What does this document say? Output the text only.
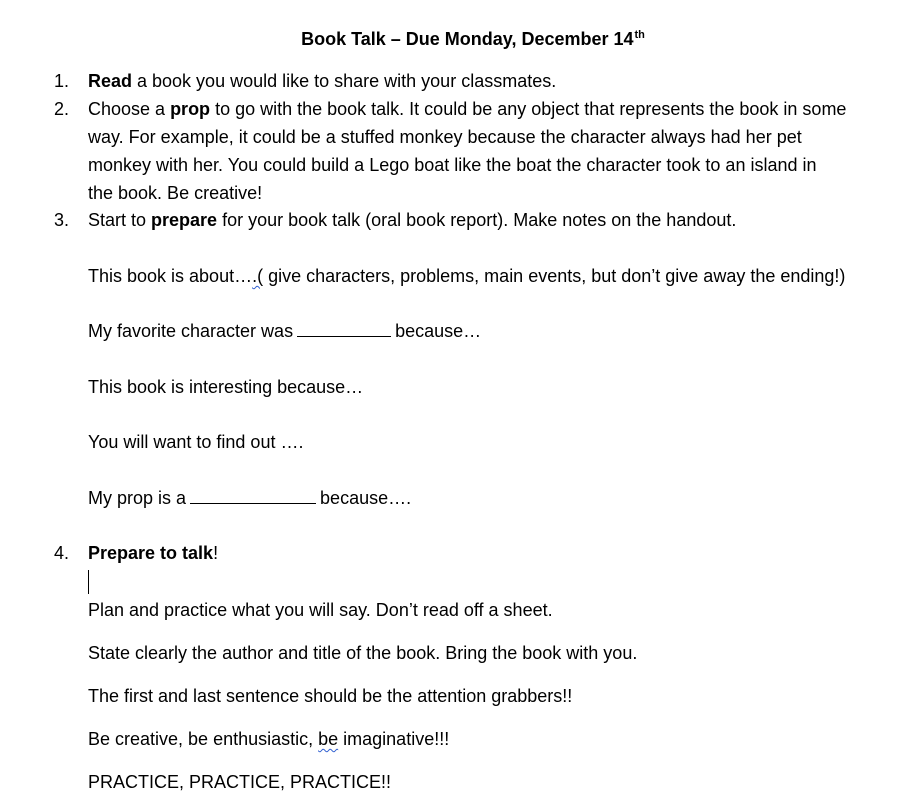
Book Talk – Due Monday, December 14th
1.	Read a book you would like to share with your classmates.
2.	Choose a prop to go with the book talk. It could be any object that represents the book in some
way. For example, it could be a stuffed monkey because the character always had her pet
monkey with her. You could build a Lego boat like the boat the character took to an island in
the book. Be creative!
3.	Start to prepare for your book talk (oral book report). Make notes on the handout.
This book is about….( give characters, problems, main events, but don’t give away the ending!)
My favorite character was	because…
This book is interesting because…
You will want to find out ….
My prop is a	because….
4.	Prepare to talk!
Plan and practice what you will say. Don’t read off a sheet.
State clearly the author and title of the book. Bring the book with you.
The first and last sentence should be the attention grabbers!!
Be creative, be enthusiastic, be imaginative!!!
PRACTICE, PRACTICE, PRACTICE!!
